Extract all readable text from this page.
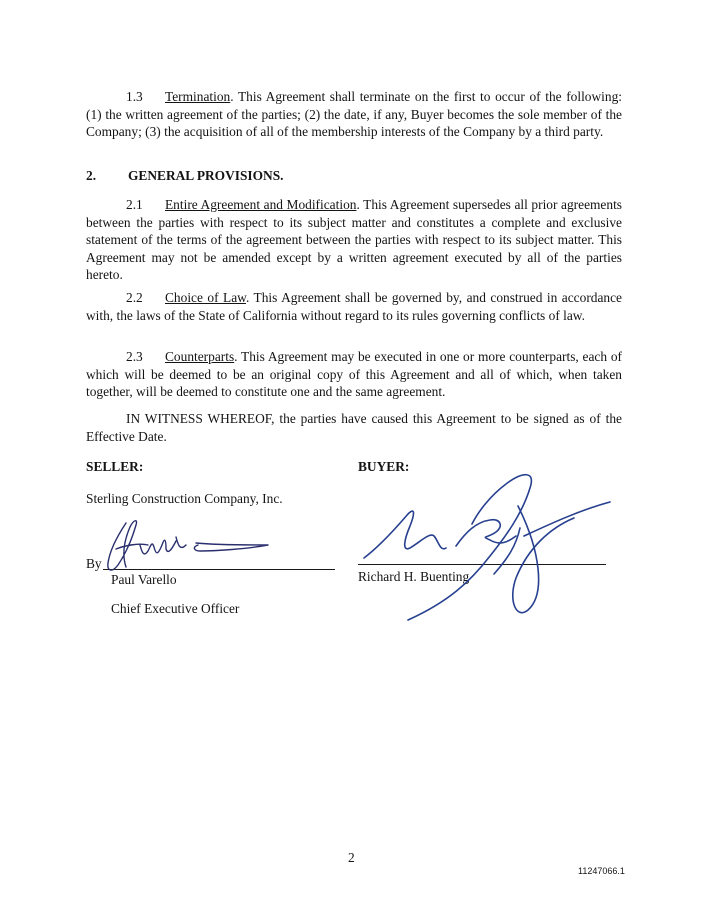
1.3 Termination. This Agreement shall terminate on the first to occur of the following: (1) the written agreement of the parties; (2) the date, if any, Buyer becomes the sole member of the Company; (3) the acquisition of all of the membership interests of the Company by a third party.
2. GENERAL PROVISIONS.
2.1 Entire Agreement and Modification. This Agreement supersedes all prior agreements between the parties with respect to its subject matter and constitutes a complete and exclusive statement of the terms of the agreement between the parties with respect to its subject matter. This Agreement may not be amended except by a written agreement executed by all of the parties hereto.
2.2 Choice of Law. This Agreement shall be governed by, and construed in accordance with, the laws of the State of California without regard to its rules governing conflicts of law.
2.3 Counterparts. This Agreement may be executed in one or more counterparts, each of which will be deemed to be an original copy of this Agreement and all of which, when taken together, will be deemed to constitute one and the same agreement.
IN WITNESS WHEREOF, the parties have caused this Agreement to be signed as of the Effective Date.
SELLER:
Sterling Construction Company, Inc.
By
Paul Varello
Chief Executive Officer
BUYER:
Richard H. Buenting
2
11247066.1
